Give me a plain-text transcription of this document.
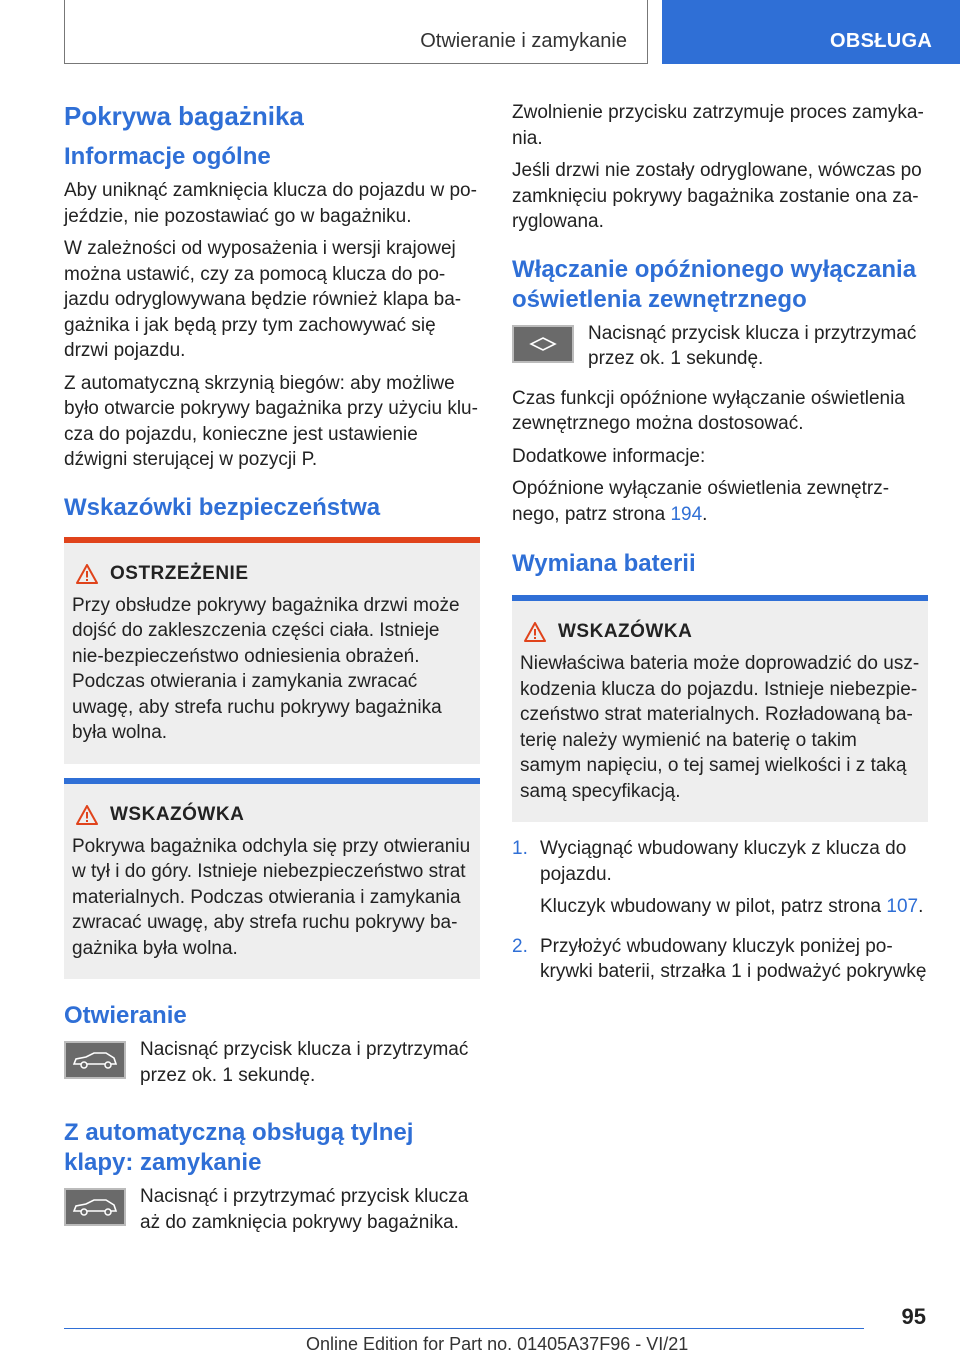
Otwieranie i zamykanie	OBSŁUGA
Pokrywa bagażnika
Informacje ogólne

Aby uniknąć zamknięcia klucza do pojazdu w po-jeździe, nie pozostawiać go w bagażniku.

W zależności od wyposażenia i wersji krajowej można ustawić, czy za pomocą klucza do po-jazdu odryglowywana będzie również klapa ba-gażnika i jak będą przy tym zachowywać się drzwi pojazdu.

Z automatyczną skrzynią biegów: aby możliwe było otwarcie pokrywy bagażnika przy użyciu klu-cza do pojazdu, konieczne jest ustawienie dźwigni sterującej w pozycji P.

Wskazówki bezpieczeństwa
OSTRZEŻENIE

Przy obsłudze pokrywy bagażnika drzwi może dojść do zakleszczenia części ciała. Istnieje nie-bezpieczeństwo odniesienia obrażeń. Podczas otwierania i zamykania zwracać uwagę, aby strefa ruchu pokrywy bagażnika była wolna.

WSKAZÓWKA

Pokrywa bagażnika odchyla się przy otwieraniu w tył i do góry. Istnieje niebezpieczeństwo strat materialnych. Podczas otwierania i zamykania zwracać uwagę, aby strefa ruchu pokrywy ba-gażnika była wolna.

Otwieranie

Nacisnąć przycisk klucza i przytrzymać przez ok. 1 sekundę.

Z automatyczną obsługą tylnej klapy: zamykanie

Nacisnąć i przytrzymać przycisk klucza aż do zamknięcia pokrywy bagażnika.

Zwolnienie przycisku zatrzymuje proces zamyka-nia.

Jeśli drzwi nie zostały odryglowane, wówczas po zamknięciu pokrywy bagażnika zostanie ona za-ryglowana.

Włączanie opóźnionego wyłączania oświetlenia zewnętrznego

Nacisnąć przycisk klucza i przytrzymać przez ok. 1 sekundę.

Czas funkcji opóźnione wyłączanie oświetlenia zewnętrznego można dostosować.

Dodatkowe informacje:

Opóźnione wyłączanie oświetlenia zewnętrz-nego, patrz strona 194.

Wymiana baterii
WSKAZÓWKA

Niewłaściwa bateria może doprowadzić do usz-kodzenia klucza do pojazdu. Istnieje niebezpie-czeństwo strat materialnych. Rozładowaną ba-terię należy wymienić na baterię o takim samym napięciu, o tej samej wielkości i z taką samą specyfikacją.

1. Wyciągnąć wbudowany kluczyk z klucza do pojazdu.

Kluczyk wbudowany w pilot, patrz strona 107.

2. Przyłożyć wbudowany kluczyk poniżej po-krywki baterii, strzałka 1 i podważyć pokrywkę

95
Online Edition for Part no. 01405A37F96 - VI/21
